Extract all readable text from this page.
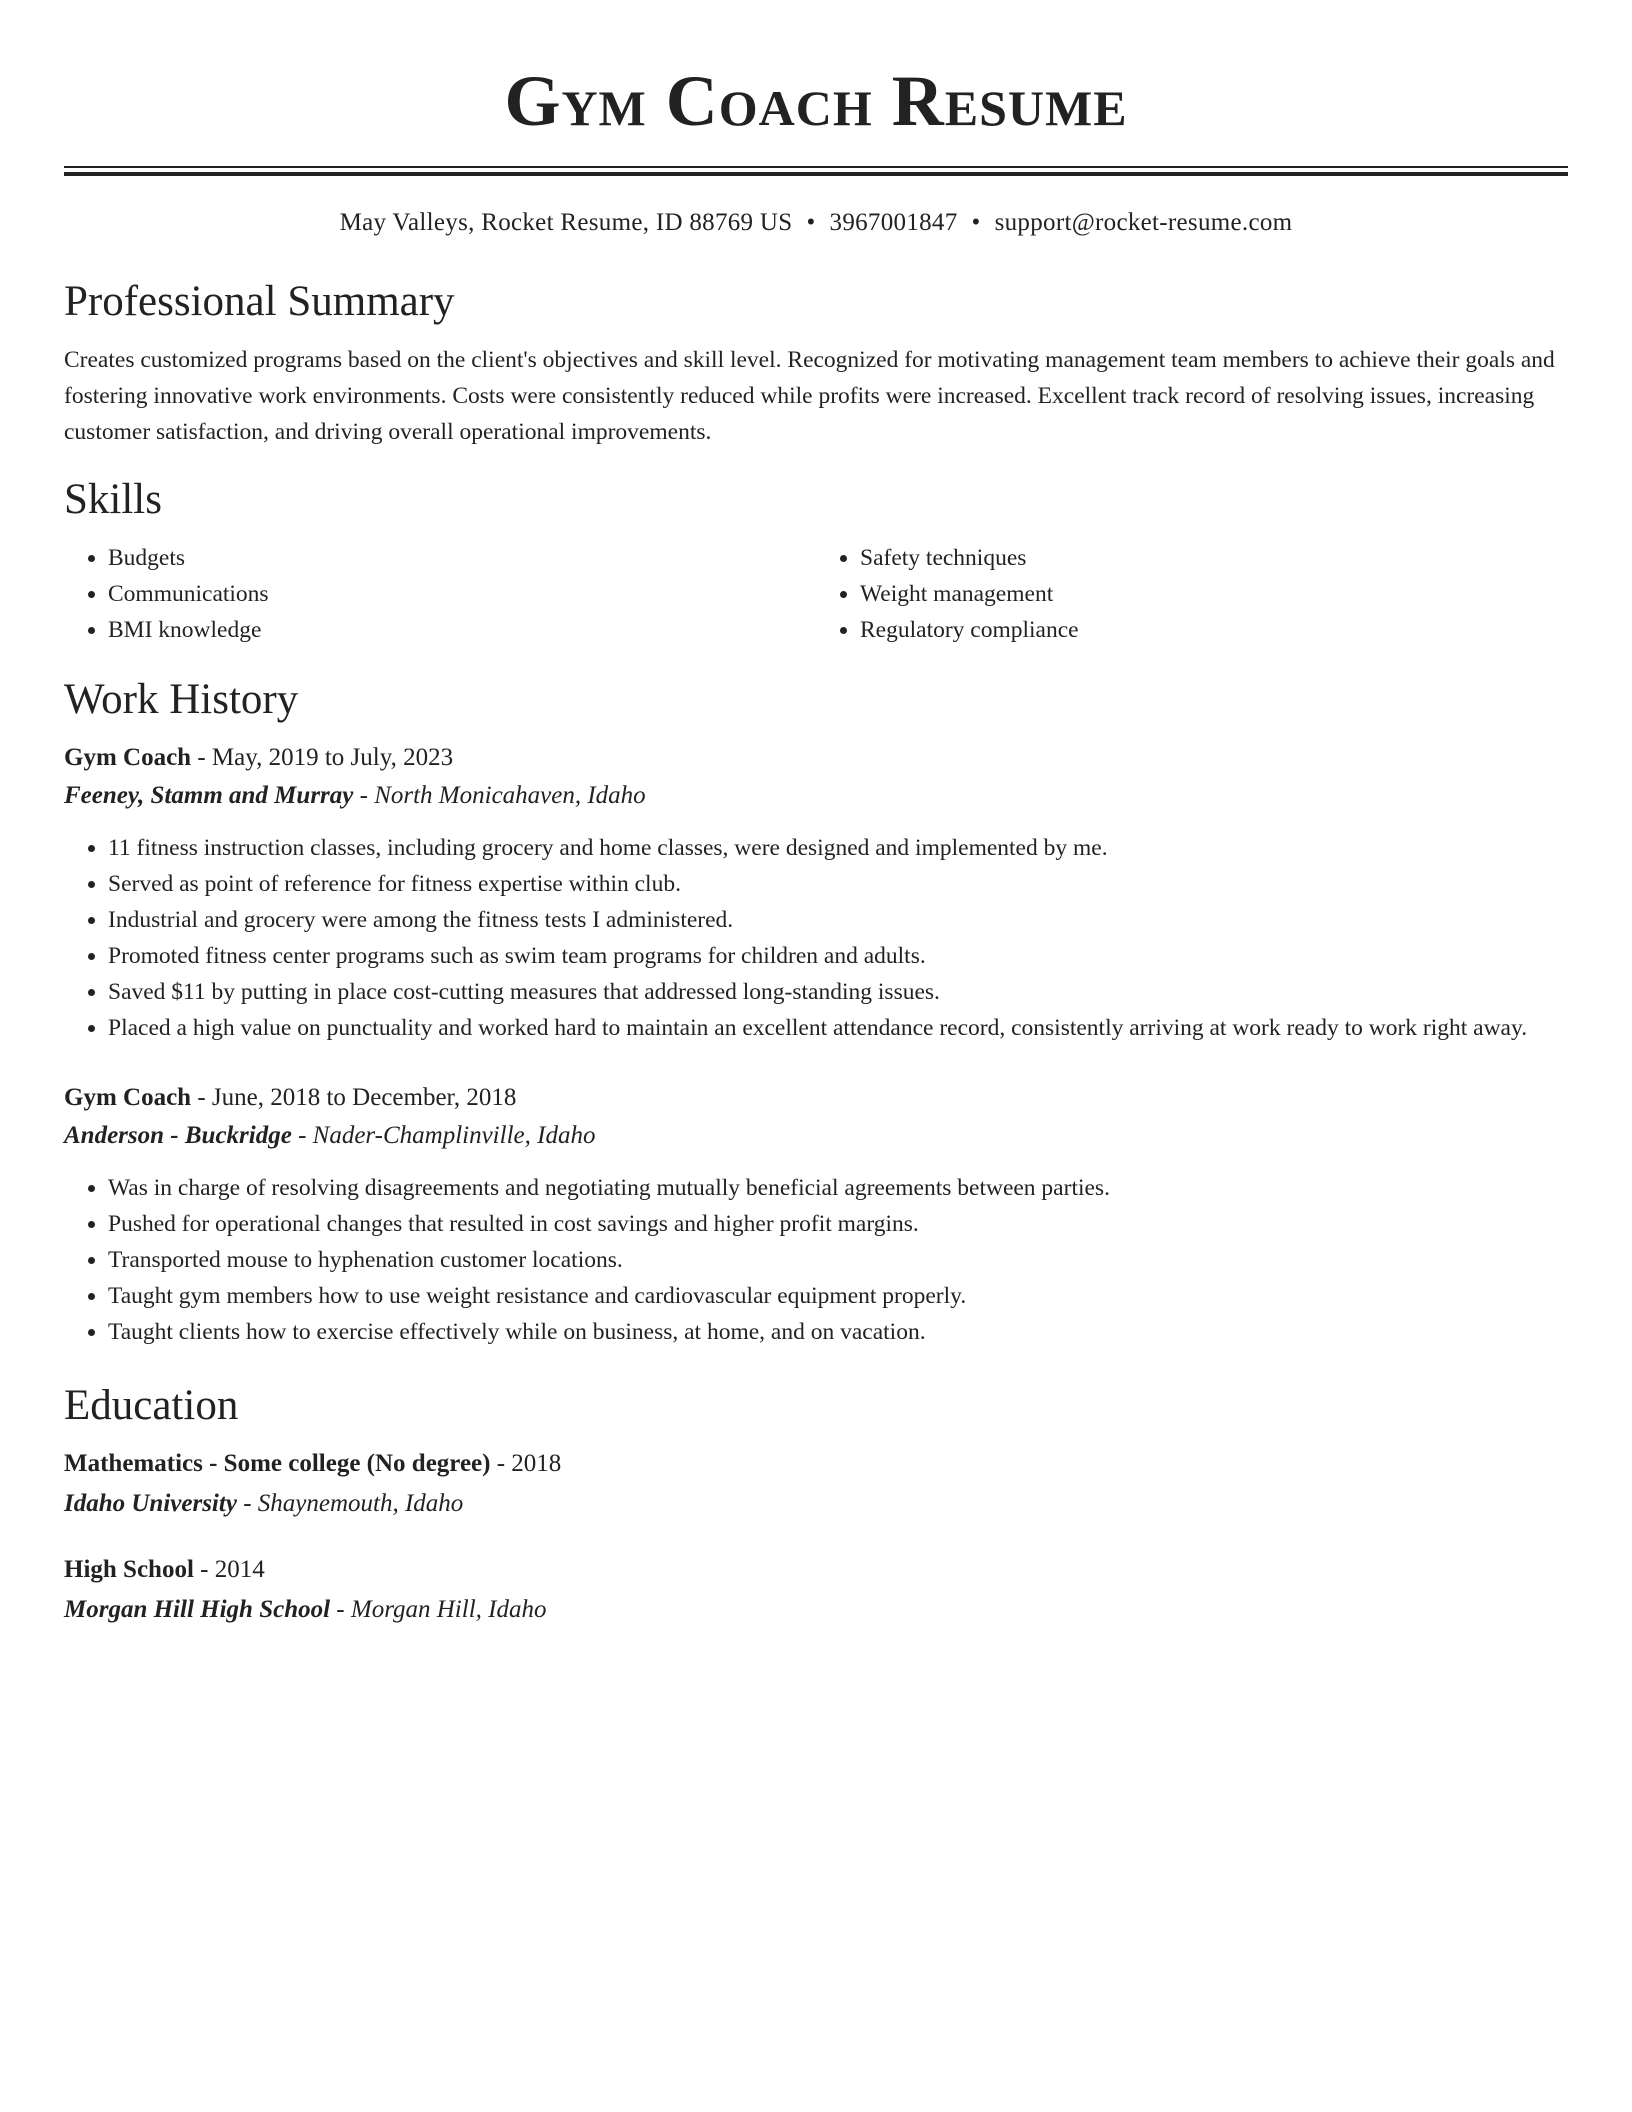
Gym Coach Resume
May Valleys, Rocket Resume, ID 88769 US • 3967001847 • support@rocket-resume.com
Professional Summary

Creates customized programs based on the client's objectives and skill level. Recognized for motivating management team members to achieve their goals and fostering innovative work environments. Costs were consistently reduced while profits were increased. Excellent track record of resolving issues, increasing customer satisfaction, and driving overall operational improvements.

Skills
• Budgets
• Communications
• BMI knowledge
• Safety techniques
• Weight management
• Regulatory compliance
Work History
Gym Coach - May, 2019 to July, 2023
Feeney, Stamm and Murray - North Monicahaven, Idaho
• 11 fitness instruction classes, including grocery and home classes, were designed and implemented by me.
• Served as point of reference for fitness expertise within club.
• Industrial and grocery were among the fitness tests I administered.
• Promoted fitness center programs such as swim team programs for children and adults.
• Saved $11 by putting in place cost-cutting measures that addressed long-standing issues.
• Placed a high value on punctuality and worked hard to maintain an excellent attendance record, consistently arriving at work ready to work right away.
Gym Coach - June, 2018 to December, 2018
Anderson - Buckridge - Nader-Champlinville, Idaho
• Was in charge of resolving disagreements and negotiating mutually beneficial agreements between parties.
• Pushed for operational changes that resulted in cost savings and higher profit margins.
• Transported mouse to hyphenation customer locations.
• Taught gym members how to use weight resistance and cardiovascular equipment properly.
• Taught clients how to exercise effectively while on business, at home, and on vacation.
Education
Mathematics - Some college (No degree) - 2018
Idaho University - Shaynemouth, Idaho
High School - 2014
Morgan Hill High School - Morgan Hill, Idaho
